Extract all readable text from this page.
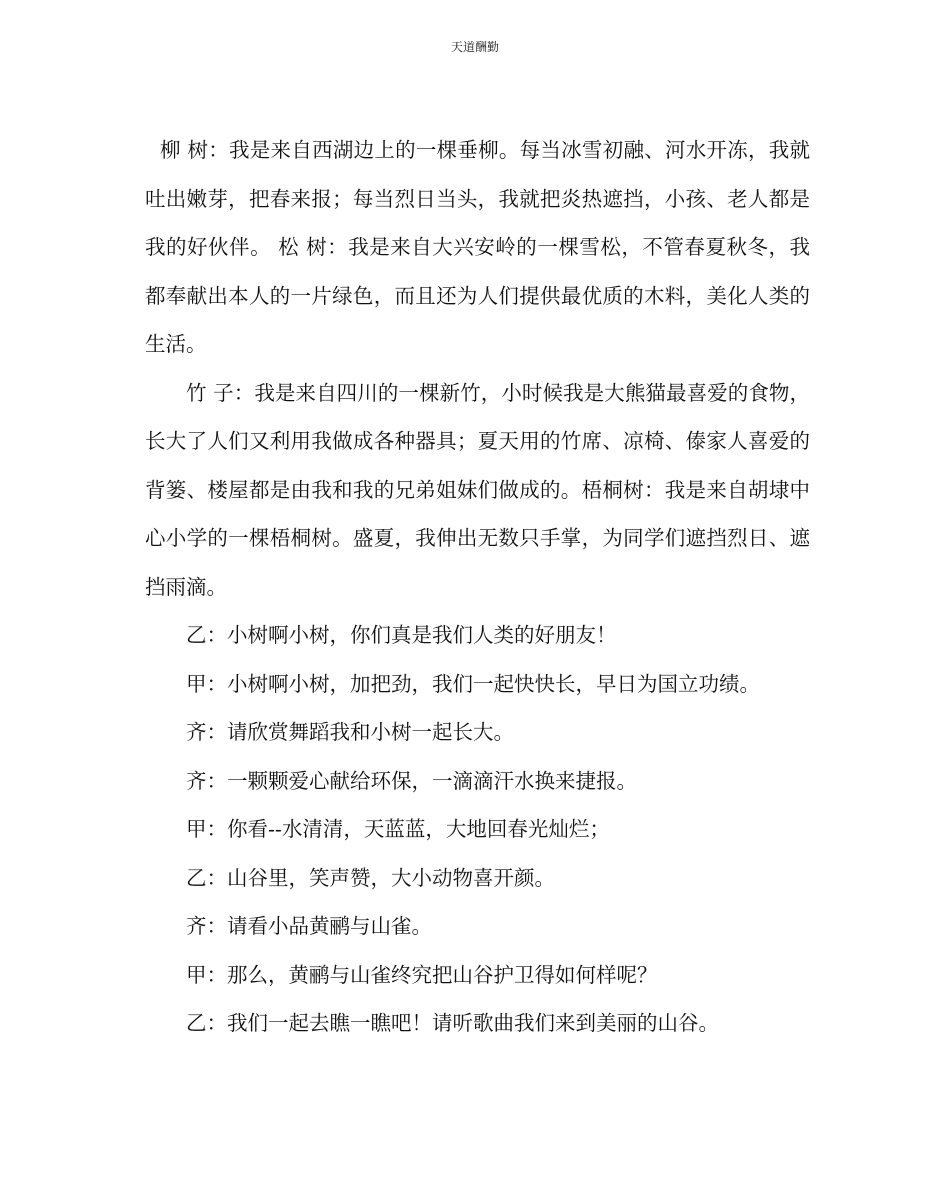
天道酬勤

柳 树：我是来自西湖边上的一棵垂柳。每当冰雪初融、河水开冻，我就吐出嫩芽，把春来报；每当烈日当头，我就把炎热遮挡，小孩、老人都是我的好伙伴。 松 树：我是来自大兴安岭的一棵雪松，不管春夏秋冬，我都奉献出本人的一片绿色，而且还为人们提供最优质的木料，美化人类的生活。

竹 子：我是来自四川的一棵新竹，小时候我是大熊猫最喜爱的食物，长大了人们又利用我做成各种器具；夏天用的竹席、凉椅、傣家人喜爱的背篓、楼屋都是由我和我的兄弟姐妹们做成的。梧桐树：我是来自胡埭中心小学的一棵梧桐树。盛夏，我伸出无数只手掌，为同学们遮挡烈日、遮挡雨滴。

乙：小树啊小树，你们真是我们人类的好朋友！

甲：小树啊小树，加把劲，我们一起快快长，早日为国立功绩。

齐：请欣赏舞蹈我和小树一起长大。

齐：一颗颗爱心献给环保，一滴滴汗水换来捷报。

甲：你看--水清清，天蓝蓝，大地回春光灿烂；

乙：山谷里，笑声赞，大小动物喜开颜。

齐：请看小品黄鹂与山雀。

甲：那么，黄鹂与山雀终究把山谷护卫得如何样呢？

乙：我们一起去瞧一瞧吧！请听歌曲我们来到美丽的山谷。
